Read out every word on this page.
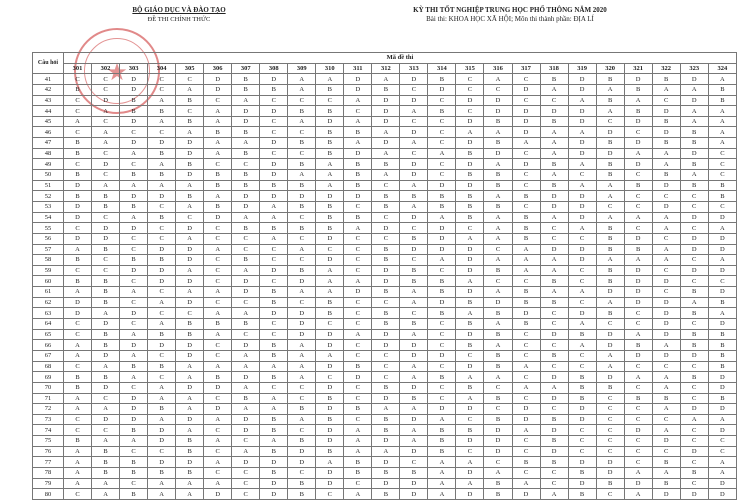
★
BỘ GIÁO DỤC VÀ ĐÀO TẠO
ĐỀ THI CHÍNH THỨC
KỲ THI TỐT NGHIỆP TRUNG HỌC PHỔ THÔNG NĂM 2020
Bài thi: KHOA HỌC XÃ HỘI; Môn thi thành phần: ĐỊA LÍ
Câu hỏi	Mã đề thi																							
	301	302	303	304	305	306	307	308	309	310	311	312	313	314	315	316	317	318	319	320	321	322	323	324
41	C	C	D	C	C	D	B	D	A	A	D	A	D	B	C	A	C	B	D	B	D	B	D	A
42	B	C	D	C	A	D	B	B	A	B	D	B	C	D	C	C	D	A	D	A	B	A	A	B
43	C	D	B	A	B	C	A	C	C	C	A	D	D	C	D	D	C	C	A	B	A	C	D	B
44	C	A	B	B	C	A	D	D	B	B	C	D	A	B	C	D	D	D	D	A	B	D	A	A
45	A	C	D	A	B	A	D	C	A	D	A	D	C	C	D	B	D	B	D	C	D	B	A	A
46	C	A	C	C	A	B	B	C	C	B	B	A	D	C	A	A	D	A	A	D	C	D	B	A
47	B	A	D	D	D	A	A	D	B	B	A	D	A	C	D	B	A	A	D	B	D	B	B	A
48	B	C	A	B	D	A	B	C	C	B	D	A	C	A	B	D	C	A	D	D	A	A	D	C
49	C	D	C	A	B	C	C	D	B	A	B	B	D	C	D	A	D	B	A	B	D	A	B	C
50	B	C	B	B	D	B	B	D	A	A	B	A	D	C	B	B	C	A	C	B	C	B	A	C
51	D	A	A	A	A	B	B	B	B	A	B	C	A	D	D	B	C	B	A	A	B	D	B	B
52	B	B	D	D	B	A	D	D	D	D	D	B	B	B	B	A	B	D	D	A	C	C	C	B
53	D	B	B	C	A	B	D	A	B	B	C	B	A	B	B	B	C	D	D	C	C	D	C	C
54	D	C	A	B	C	D	A	A	C	B	B	C	D	A	B	A	B	A	D	A	A	A	D	D
55	C	D	D	C	D	C	B	B	B	B	A	D	C	D	C	A	B	C	A	B	C	A	C	A
56	D	D	C	C	A	C	C	A	C	D	C	C	B	D	A	A	B	C	C	B	D	C	D	D
57	A	B	C	D	D	A	C	C	A	C	C	B	D	D	D	C	A	D	D	B	B	A	D	D
58	B	C	B	B	D	C	B	C	C	D	C	B	C	A	D	A	A	A	D	A	A	A	C	A
59	C	C	D	D	A	C	A	D	B	A	C	D	B	C	D	B	A	A	C	B	D	C	D	D
60	B	B	C	D	D	C	D	C	D	A	A	D	B	B	A	C	C	B	C	B	D	D	C	C
61	A	B	A	C	A	A	D	B	A	A	D	B	A	B	D	A	B	A	A	D	D	C	B	D
62	D	B	C	A	D	C	C	B	C	B	C	C	A	D	B	D	B	B	C	A	D	D	A	B
63	D	A	D	C	C	A	A	D	D	B	C	B	C	B	A	B	D	C	D	B	C	D	B	A
64	C	D	C	A	B	B	B	C	D	C	C	B	B	C	B	A	B	C	A	C	C	D	C	D
65	C	B	A	B	B	A	C	C	D	D	A	D	A	C	D	B	C	D	B	D	A	D	B	B
66	A	B	D	D	D	C	D	B	A	D	C	D	D	C	B	A	C	C	A	D	B	A	B	B
67	A	D	A	C	D	C	A	B	A	A	C	C	D	D	C	B	C	B	C	A	D	D	D	B
68	C	A	B	B	A	A	A	A	A	D	B	C	A	C	D	B	A	C	C	A	C	C	C	B
69	B	B	A	C	A	B	D	B	A	C	D	C	A	B	A	A	C	D	B	D	A	A	B	D
70	B	D	C	A	D	D	A	C	C	D	C	B	D	C	B	C	A	A	B	B	C	A	C	D
71	A	C	D	A	A	C	B	A	C	B	C	D	B	C	A	B	C	D	B	C	B	B	C	B
72	A	A	D	B	A	D	A	A	B	D	B	A	A	D	D	C	D	C	D	C	C	A	D	D
73	C	D	D	A	D	A	D	B	A	B	C	B	D	A	C	B	D	B	D	C	C	C	A	A
74	C	C	B	D	A	C	D	B	C	D	A	B	A	B	B	D	A	D	C	C	D	A	C	D
75	B	A	A	D	B	A	C	A	B	D	A	D	A	B	D	D	C	B	C	C	C	D	C	C
76	A	B	C	C	B	C	A	B	D	B	A	A	D	B	C	D	C	D	C	C	C	C	D	C
77	A	B	B	D	D	A	D	D	D	A	B	D	C	A	A	C	B	B	D	D	C	B	C	A
78	A	B	B	B	B	C	C	B	C	D	B	B	B	A	D	A	C	C	B	D	A	A	B	A
79	A	A	C	A	A	A	C	D	B	D	C	D	D	A	A	B	A	C	D	B	D	B	C	D
80	C	A	B	A	A	D	C	D	B	C	A	B	D	A	D	B	D	A	B	C	A	D	D	D
